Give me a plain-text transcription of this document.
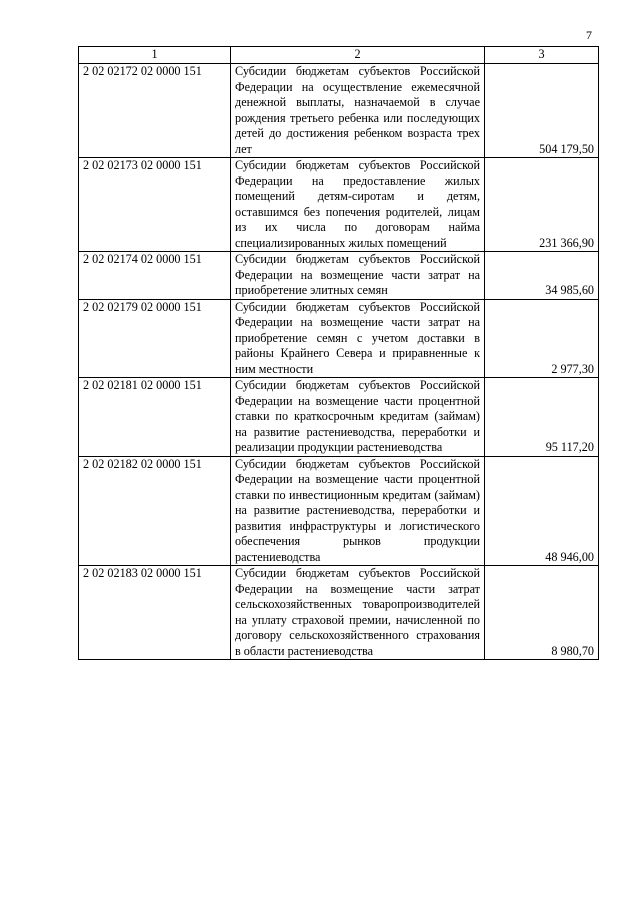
7
1	2	3
2 02 02172 02 0000 151	Субсидии бюджетам субъектов Российской Федерации на осуществление ежемесячной денежной выплаты, назначаемой в случае рождения третьего ребенка или последующих детей до достижения ребенком возраста трех лет	504 179,50
2 02 02173 02 0000 151	Субсидии бюджетам субъектов Российской Федерации на предоставление жилых помещений детям-сиротам и детям, оставшимся без попечения родителей, лицам из их числа по договорам найма специализированных жилых помещений	231 366,90
2 02 02174 02 0000 151	Субсидии бюджетам субъектов Российской Федерации на возмещение части затрат на приобретение элитных семян	34 985,60
2 02 02179 02 0000 151	Субсидии бюджетам субъектов Российской Федерации на возмещение части затрат на приобретение семян с учетом доставки в районы Крайнего Севера и приравненные к ним местности	2 977,30
2 02 02181 02 0000 151	Субсидии бюджетам субъектов Российской Федерации на возмещение части процентной ставки по краткосрочным кредитам (займам) на развитие растениеводства, переработки и реализации продукции растениеводства	95 117,20
2 02 02182 02 0000 151	Субсидии бюджетам субъектов Российской Федерации на возмещение части процентной ставки по инвестиционным кредитам (займам) на развитие растениеводства, переработки и развития инфраструктуры и логистического обеспечения рынков продукции растениеводства	48 946,00
2 02 02183 02 0000 151	Субсидии бюджетам субъектов Российской Федерации на возмещение части затрат сельскохозяйственных товаропроизводителей на уплату страховой премии, начисленной по договору сельскохозяйственного страхования в области растениеводства	8 980,70
